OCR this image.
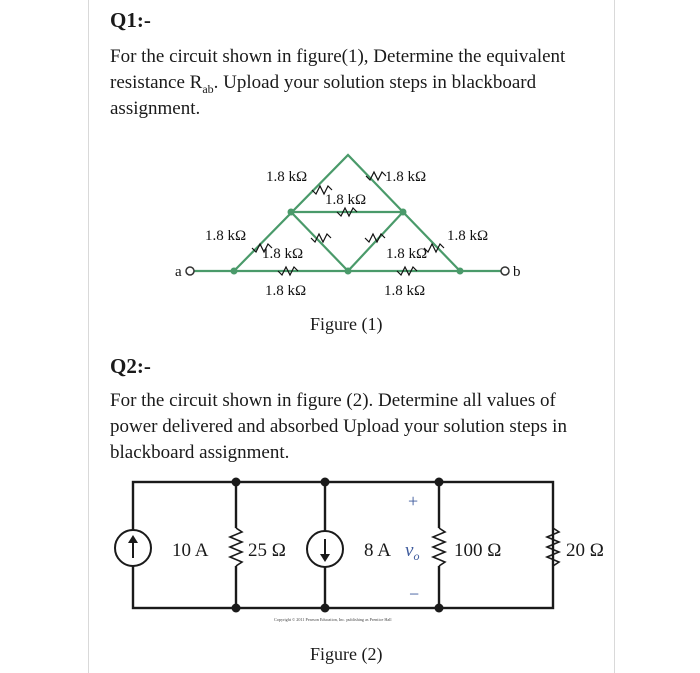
Q1:-

For the circuit shown in figure(1), Determine the equivalent resistance $R_{ab}$. Upload your solution steps in blackboard assignment.

a	b
1.8 kΩ	1.8 kΩ
1.8 kΩ
1.8 kΩ
1.8 kΩ	1.8 kΩ
1.8 kΩ
1.8 kΩ	1.8 kΩ

Figure (1)

Q2:-

For the circuit shown in figure (2). Determine all values of power delivered and absorbed Upload your solution steps in blackboard assignment.

10 A 25 Ω	8 A	100 Ω	20 Ω
$v_o$
+
−
Copyright © 2011 Pearson Education, Inc. publishing as Prentice Hall

Figure (2)
